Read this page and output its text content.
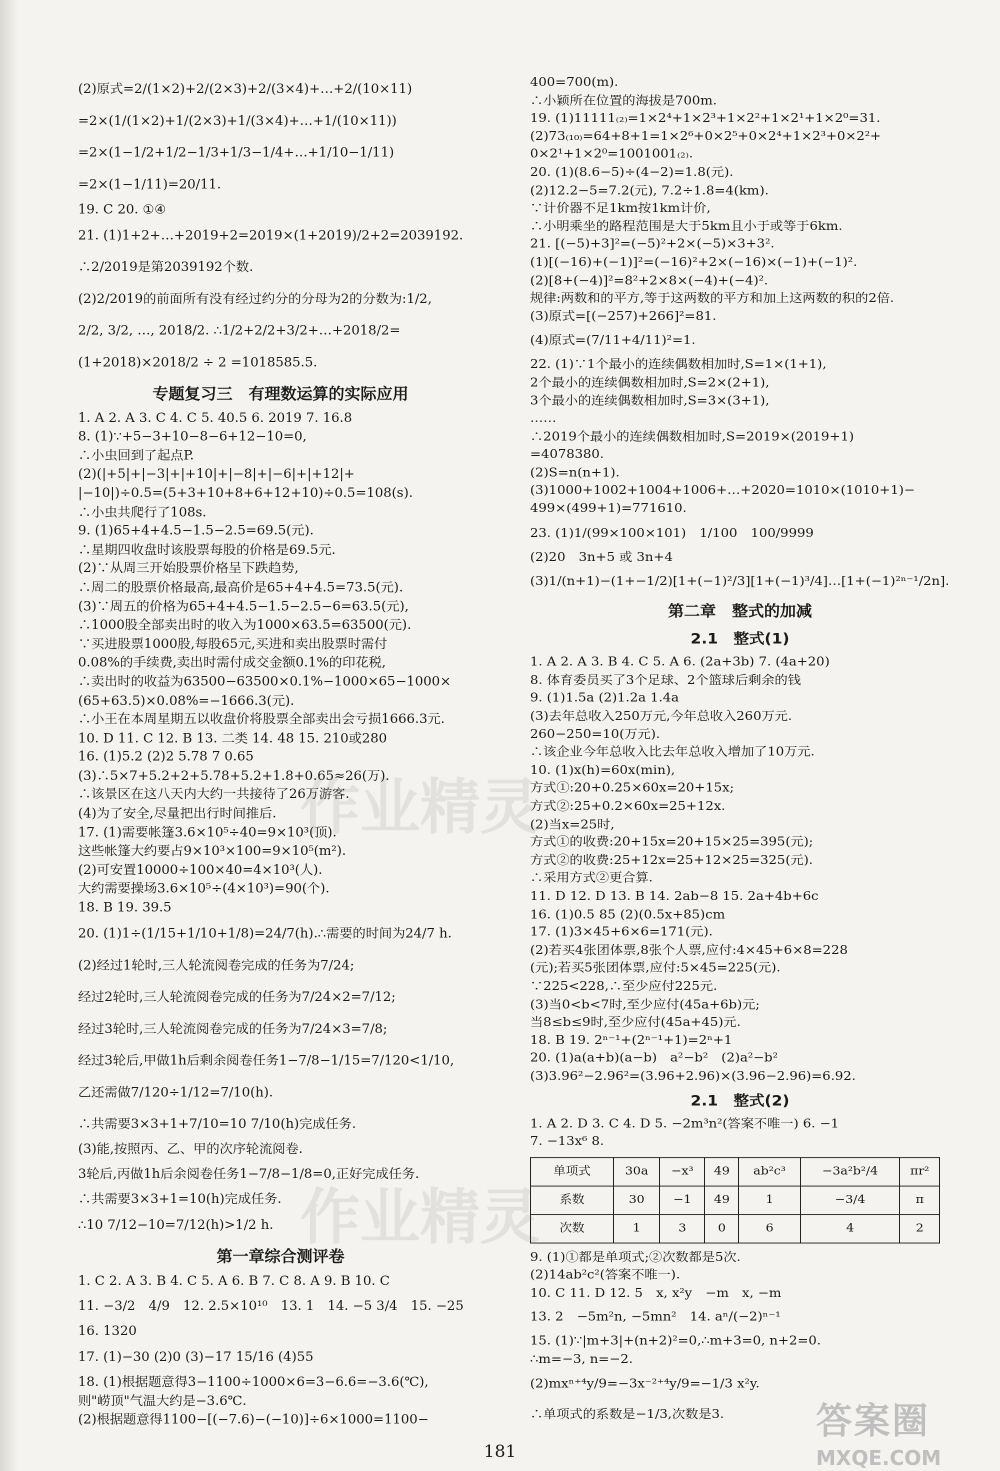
(2)原式=2/(1×2)+2/(2×3)+2/(3×4)+…+2/(10×11)
=2×(1/(1×2)+1/(2×3)+1/(3×4)+…+1/(10×11))
=2×(1−1/2+1/2−1/3+1/3−1/4+…+1/10−1/11)
=2×(1−1/11)=20/11.
19. C 20. ①④
21. (1)1+2+…+2019+2=2019×(1+2019)/2+2=2039192.
∴2/2019是第2039192个数.
(2)2/2019的前面所有没有经过约分的分母为2的分数为:1/2,
2/2, 3/2, …, 2018/2. ∴1/2+2/2+3/2+…+2018/2=
(1+2018)×2018/2 ÷ 2 =1018585.5.
专题复习三　有理数运算的实际应用
1. A 2. A 3. C 4. C 5. 40.5 6. 2019 7. 16.8
8. (1)∵+5−3+10−8−6+12−10=0,
∴小虫回到了起点P.
(2)(|+5|+|−3|+|+10|+|−8|+|−6|+|+12|+
|−10|)÷0.5=(5+3+10+8+6+12+10)÷0.5=108(s).
∴小虫共爬行了108s.
9. (1)65+4+4.5−1.5−2.5=69.5(元).
∴星期四收盘时该股票每股的价格是69.5元.
(2)∵从周三开始股票价格呈下跌趋势,
∴周二的股票价格最高,最高价是65+4+4.5=73.5(元).
(3)∵周五的价格为65+4+4.5−1.5−2.5−6=63.5(元),
∴1000股全部卖出时的收入为1000×63.5=63500(元).
∵买进股票1000股,每股65元,买进和卖出股票时需付
0.08%的手续费,卖出时需付成交金额0.1%的印花税,
∴卖出时的收益为63500−63500×0.1%−1000×65−1000×
(65+63.5)×0.08%=−1666.3(元).
∴小王在本周星期五以收盘价将股票全部卖出会亏损1666.3元.
10. D 11. C 12. B 13. 二类 14. 48 15. 210或280
16. (1)5.2 (2)2 5.78 7 0.65
(3)∴5×7+5.2+2+5.78+5.2+1.8+0.65≈26(万).
∴该景区在这八天内大约一共接待了26万游客.
(4)为了安全,尽量把出行时间推后.
17. (1)需要帐篷3.6×10⁵÷40=9×10³(顶).
这些帐篷大约要占9×10³×100=9×10⁵(m²).
(2)可安置10000÷100×40=4×10³(人).
大约需要操场3.6×10⁵÷(4×10³)=90(个).
18. B 19. 39.5
20. (1)1÷(1/15+1/10+1/8)=24/7(h).∴需要的时间为24/7 h.
(2)经过1轮时,三人轮流阅卷完成的任务为7/24;
经过2轮时,三人轮流阅卷完成的任务为7/24×2=7/12;
经过3轮时,三人轮流阅卷完成的任务为7/24×3=7/8;
经过3轮后,甲做1h后剩余阅卷任务1−7/8−1/15=7/120<1/10,
乙还需做7/120÷1/12=7/10(h).
∴共需要3×3+1+7/10=10 7/10(h)完成任务.
(3)能,按照丙、乙、甲的次序轮流阅卷.
3轮后,丙做1h后余阅卷任务1−7/8−1/8=0,正好完成任务.
∴共需要3×3+1=10(h)完成任务.
∴10 7/12−10=7/12(h)>1/2 h.
第一章综合测评卷
1. C 2. A 3. B 4. C 5. A 6. B 7. C 8. A 9. B 10. C
11. −3/2　4/9　12. 2.5×10¹⁰　13. 1　14. −5 3/4　15. −25
16. 1320
17. (1)−30 (2)0 (3)−17 15/16 (4)55
18. (1)根据题意得3−1100÷1000×6=3−6.6=−3.6(℃),
则"崂顶"气温大约是−3.6℃.
(2)根据题意得1100−[(−7.6)−(−10)]÷6×1000=1100−
400=700(m).
∴小颖所在位置的海拔是700m.
19. (1)11111₍₂₎=1×2⁴+1×2³+1×2²+1×2¹+1×2⁰=31.
(2)73₍₁₀₎=64+8+1=1×2⁶+0×2⁵+0×2⁴+1×2³+0×2²+
0×2¹+1×2⁰=1001001₍₂₎.
20. (1)(8.6−5)÷(4−2)=1.8(元).
(2)12.2−5=7.2(元), 7.2÷1.8=4(km).
∵计价器不足1km按1km计价,
∴小明乘坐的路程范围是大于5km且小于或等于6km.
21. [(−5)+3]²=(−5)²+2×(−5)×3+3².
(1)[(−16)+(−1)]²=(−16)²+2×(−16)×(−1)+(−1)².
(2)[8+(−4)]²=8²+2×8×(−4)+(−4)².
规律:两数和的平方,等于这两数的平方和加上这两数的积的2倍.
(3)原式=[(−257)+266]²=81.
(4)原式=(7/11+4/11)²=1.
22. (1)∵1个最小的连续偶数相加时,S=1×(1+1),
2个最小的连续偶数相加时,S=2×(2+1),
3个最小的连续偶数相加时,S=3×(3+1),
……
∴2019个最小的连续偶数相加时,S=2019×(2019+1)
=4078380.
(2)S=n(n+1).
(3)1000+1002+1004+1006+…+2020=1010×(1010+1)−
499×(499+1)=771610.
23. (1)1/(99×100×101)　1/100　100/9999
(2)20　3n+5 或 3n+4
(3)1/(n+1)−(1+−1/2)[1+(−1)²/3][1+(−1)³/4]…[1+(−1)²ⁿ⁻¹/2n].
第二章　整式的加减
2.1　整式(1)
1. A 2. A 3. B 4. C 5. A 6. (2a+3b) 7. (4a+20)
8. 体育委员买了3个足球、2个篮球后剩余的钱
9. (1)1.5a (2)1.2a 1.4a
(3)去年总收入250万元,今年总收入260万元.
260−250=10(万元).
∴该企业今年总收入比去年总收入增加了10万元.
10. (1)x(h)=60x(min),
方式①:20+0.25×60x=20+15x;
方式②:25+0.2×60x=25+12x.
(2)当x=25时,
方式①的收费:20+15x=20+15×25=395(元);
方式②的收费:25+12x=25+12×25=325(元).
∴采用方式②更合算.
11. D 12. D 13. B 14. 2ab−8 15. 2a+4b+6c
16. (1)0.5 85 (2)(0.5x+85)cm
17. (1)3×45+6×6=171(元).
(2)若买4张团体票,8张个人票,应付:4×45+6×8=228
(元);若买5张团体票,应付:5×45=225(元).
∵225<228,∴至少应付225元.
(3)当0<b<7时,至少应付(45a+6b)元;
当8≤b≤9时,至少应付(45a+45)元.
18. B 19. 2ⁿ⁻¹+(2ⁿ⁻¹+1)=2ⁿ+1
20. (1)a(a+b)(a−b)　a²−b²　(2)a²−b²
(3)3.96²−2.96²=(3.96+2.96)×(3.96−2.96)=6.92.
2.1　整式(2)
1. A 2. D 3. C 4. D 5. −2m³n²(答案不唯一) 6. −1
7. −13x⁶ 8.
单项式	30a	−x³	49	ab²c³	−3a²b²/4	πr²
系数	30	−1	49	1	−3/4	π
次数	1	3	0	6	4	2
9. (1)①都是单项式;②次数都是5次.
(2)14ab²c²(答案不唯一).
10. C 11. D 12. 5　x, x²y　−m　x, −m
13. 2　−5m²n, −5mn²　14. aⁿ/(−2)ⁿ⁻¹
15. (1)∵|m+3|+(n+2)²=0,∴m+3=0, n+2=0.
∴m=−3, n=−2.
(2)mxⁿ⁺⁴y/9=−3x⁻²⁺⁴y/9=−1/3 x²y.
∴单项式的系数是−1/3,次数是3.
作业精灵
作业精灵
181
答案圈
MXQE.COM
